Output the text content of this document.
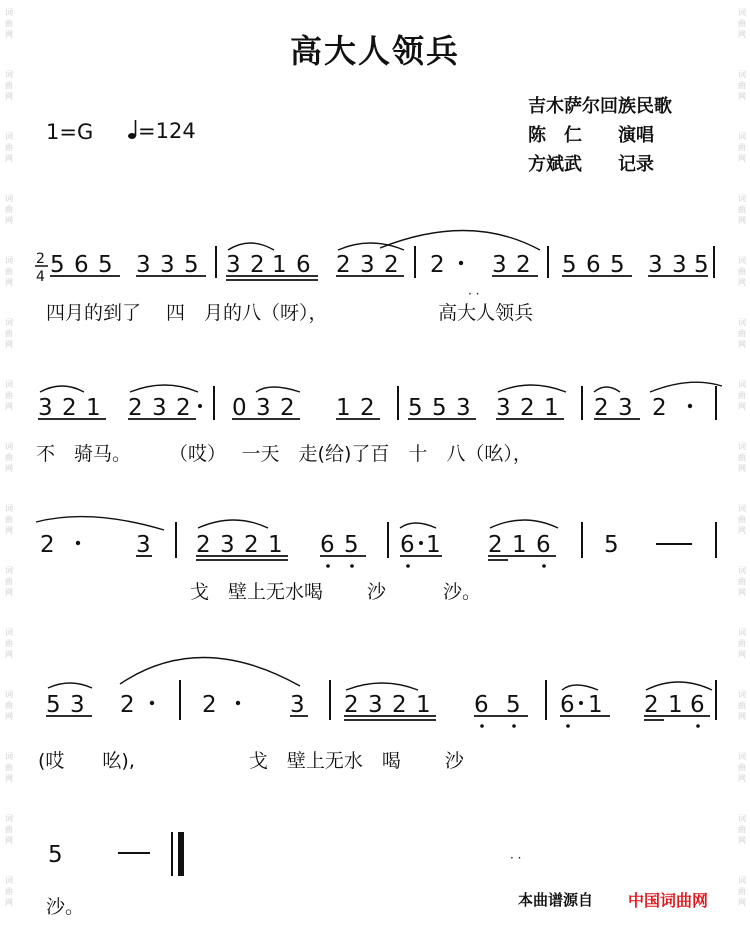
词
曲
网
词
曲
网
词
曲
网
词
曲
网
词
曲
网
词
曲
网
词
曲
网
词
曲
网
词
曲
网
词
曲
网
词
曲
网
词
曲
网
词
曲
网
词
曲
网
词
曲
网
词
曲
网
词
曲
网
词
曲
网
词
曲
网
词
曲
网
词
曲
网
词
曲
网
词
曲
网
词
曲
网
词
曲
网
词
曲
网
词
曲
网
词
曲
网
词
曲
网
词
曲
网
高大人领兵
1=G	=124
吉木萨尔回族民歌
陈　仁　　演唱
方斌武　　记录
2
4 5 6 5 3 3 5 3 2 1 6 2 3 2 2 3 2 5 6 5 3 3 5
· ·
3 2 1 2 3 2 0 3 2 1 2 5 5 3 3 2 1 2 3 2
2	3 2 3 2 1 6 5 6 1 2 1 6 5
5 3 2	2	3 2 3 2 1 6 5 6 1 2 1 6
5	· ·
四月的到了　 四　月的八（呀），　　　　　　 高大人领兵
不　骑马。　　　（哎）　 一天　走(给)了百　十　八（吆），
戈　壁上无水喝　　 沙　　　沙。
(哎　　吆),　　　　　　戈　壁上无水　喝　　 沙
沙。	本曲谱源自 中国词曲网
